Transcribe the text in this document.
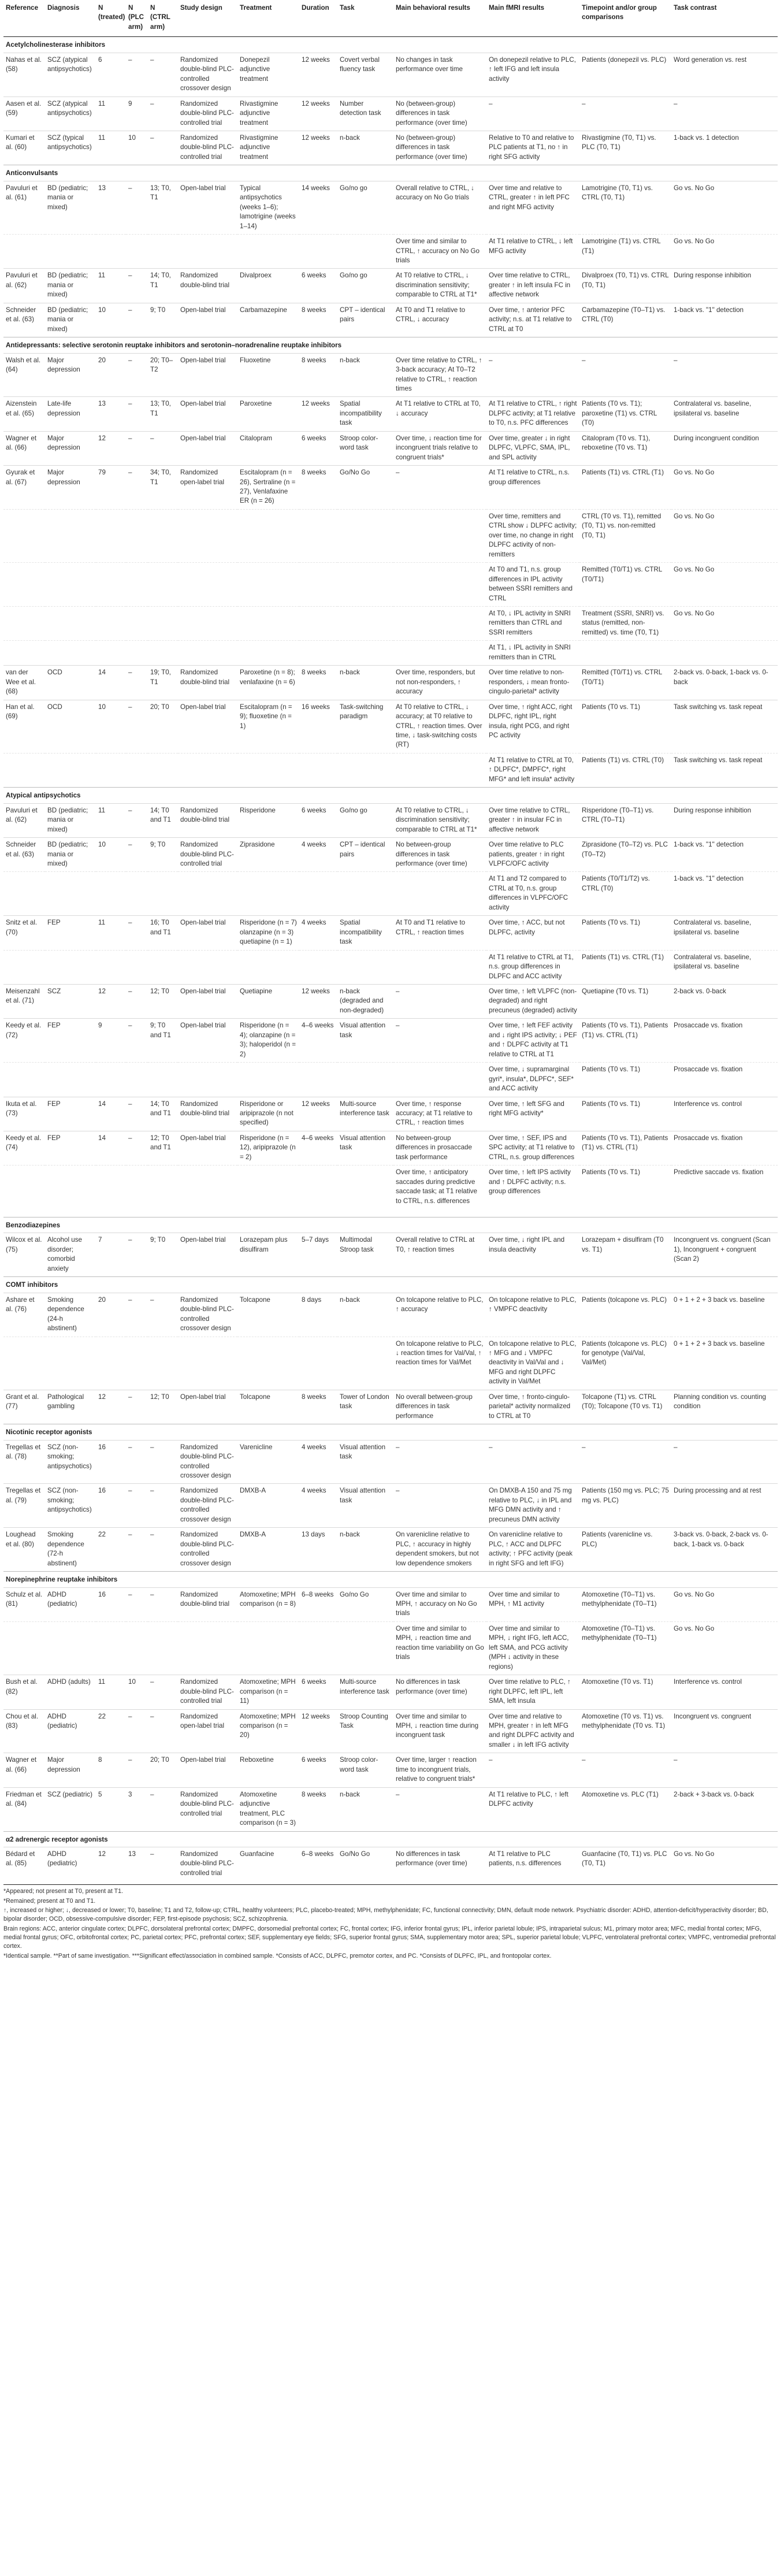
Reference	Diagnosis	N (treated)	N (PLC arm)	N (CTRL arm)	Study design	Treatment	Duration	Task	Main behavioral results	Main fMRI results	Timepoint and/or group comparisons	Task contrast
Acetylcholinesterase inhibitors												
Nahas et al. (58)	SCZ (atypical antipsychotics)	6	–	–	Randomized double-blind PLC-controlled crossover design	Donepezil adjunctive treatment	12 weeks	Covert verbal fluency task	No changes in task performance over time	On donepezil relative to PLC, ↑ left IFG and left insula activity	Patients (donepezil vs. PLC)	Word generation vs. rest
Aasen et al. (59)	SCZ (atypical antipsychotics)	11	9	–	Randomized double-blind PLC-controlled trial	Rivastigmine adjunctive treatment	12 weeks	Number detection task	No (between-group) differences in task performance (over time)	–	–	–
Kumari et al. (60)	SCZ (typical antipsychotics)	11	10	–	Randomized double-blind PLC-controlled trial	Rivastigmine adjunctive treatment	12 weeks	n-back	No (between-group) differences in task performance (over time)	Relative to T0 and relative to PLC patients at T1, no ↑ in right SFG activity	Rivastigmine (T0, T1) vs. PLC (T0, T1)	1-back vs. 1 detection
Anticonvulsants												
Pavuluri et al. (61)	BD (pediatric; mania or mixed)	13	–	13; T0, T1	Open-label trial	Typical antipsychotics (weeks 1–6); lamotrigine (weeks 1–14)	14 weeks	Go/no go	Overall relative to CTRL, ↓ accuracy on No Go trials	Over time and relative to CTRL, greater ↑ in left PFC and right MFG activity	Lamotrigine (T0, T1) vs. CTRL (T0, T1)	Go vs. No Go
									Over time and similar to CTRL, ↑ accuracy on No Go trials	At T1 relative to CTRL, ↓ left MFG activity	Lamotrigine (T1) vs. CTRL (T1)	Go vs. No Go
Pavuluri et al. (62)	BD (pediatric; mania or mixed)	11	–	14; T0, T1	Randomized double-blind trial	Divalproex	6 weeks	Go/no go	At T0 relative to CTRL, ↓ discrimination sensitivity; comparable to CTRL at T1*	Over time relative to CTRL, greater ↑ in left insula FC in affective network	Divalproex (T0, T1) vs. CTRL (T0, T1)	During response inhibition
Schneider et al. (63)	BD (pediatric; mania or mixed)	10	–	9; T0	Open-label trial	Carbamazepine	8 weeks	CPT – identical pairs	At T0 and T1 relative to CTRL, ↓ accuracy	Over time, ↑ anterior PFC activity; n.s. at T1 relative to CTRL at T0	Carbamazepine (T0–T1) vs. CTRL (T0)	1-back vs. "1" detection
Antidepressants: selective serotonin reuptake inhibitors and serotonin–noradrenaline reuptake inhibitors												
Walsh et al. (64)	Major depression	20	–	20; T0–T2	Open-label trial	Fluoxetine	8 weeks	n-back	Over time relative to CTRL, ↑ 3-back accuracy; At T0–T2 relative to CTRL, ↑ reaction times	–	–	–
Aizenstein et al. (65)	Late-life depression	13	–	13; T0, T1	Open-label trial	Paroxetine	12 weeks	Spatial incompatibility task	At T1 relative to CTRL at T0, ↓ accuracy	At T1 relative to CTRL, ↑ right DLPFC activity; at T1 relative to T0, n.s. PFC differences	Patients (T0 vs. T1); paroxetine (T1) vs. CTRL (T0)	Contralateral vs. baseline, ipsilateral vs. baseline
Wagner et al. (66)	Major depression	12	–	–	Open-label trial	Citalopram	6 weeks	Stroop color-word task	Over time, ↓ reaction time for incongruent trials relative to congruent trials*	Over time, greater ↓ in right DLPFC, VLPFC, SMA, IPL, and SPL activity	Citalopram (T0 vs. T1), reboxetine (T0 vs. T1)	During incongruent condition
Gyurak et al. (67)	Major depression	79	–	34; T0, T1	Randomized open-label trial	Escitalopram (n = 26), Sertraline (n = 27), Venlafaxine ER (n = 26)	8 weeks	Go/No Go	–	At T1 relative to CTRL, n.s. group differences	Patients (T1) vs. CTRL (T1)	Go vs. No Go
										Over time, remitters and CTRL show ↓ DLPFC activity; over time, no change in right DLPFC activity of non-remitters	CTRL (T0 vs. T1), remitted (T0, T1) vs. non-remitted (T0, T1)	Go vs. No Go
										At T0 and T1, n.s. group differences in IPL activity between SSRI remitters and CTRL	Remitted (T0/T1) vs. CTRL (T0/T1)	Go vs. No Go
										At T0, ↓ IPL activity in SNRI remitters than CTRL and SSRI remitters	Treatment (SSRI, SNRI) vs. status (remitted, non-remitted) vs. time (T0, T1)	Go vs. No Go
										At T1, ↓ IPL activity in SNRI remitters than in CTRL		
van der Wee et al. (68)	OCD	14	–	19; T0, T1	Randomized double-blind trial	Paroxetine (n = 8); venlafaxine (n = 6)	8 weeks	n-back	Over time, responders, but not non-responders, ↑ accuracy	Over time relative to non-responders, ↓ mean fronto-cingulo-parietal* activity	Remitted (T0/T1) vs. CTRL (T0/T1)	2-back vs. 0-back, 1-back vs. 0-back
Han et al. (69)	OCD	10	–	20; T0	Open-label trial	Escitalopram (n = 9); fluoxetine (n = 1)	16 weeks	Task-switching paradigm	At T0 relative to CTRL, ↓ accuracy; at T0 relative to CTRL, ↑ reaction times. Over time, ↓ task-switching costs (RT)	Over time, ↑ right ACC, right DLPFC, right IPL, right insula, right PCG, and right PC activity	Patients (T0 vs. T1)	Task switching vs. task repeat
										At T1 relative to CTRL at T0, ↑ DLPFC*, DMPFC*, right MFG* and left insula* activity	Patients (T1) vs. CTRL (T0)	Task switching vs. task repeat
Atypical antipsychotics												
Pavuluri et al. (62)	BD (pediatric; mania or mixed)	11	–	14; T0 and T1	Randomized double-blind trial	Risperidone	6 weeks	Go/no go	At T0 relative to CTRL, ↓ discrimination sensitivity; comparable to CTRL at T1*	Over time relative to CTRL, greater ↑ in insular FC in affective network	Risperidone (T0–T1) vs. CTRL (T0–T1)	During response inhibition
Schneider et al. (63)	BD (pediatric; mania or mixed)	10	–	9; T0	Randomized double-blind PLC-controlled trial	Ziprasidone	4 weeks	CPT – identical pairs	No between-group differences in task performance (over time)	Over time relative to PLC patients, greater ↑ in right VLPFC/OFC activity	Ziprasidone (T0–T2) vs. PLC (T0–T2)	1-back vs. "1" detection
										At T1 and T2 compared to CTRL at T0, n.s. group differences in VLPFC/OFC activity	Patients (T0/T1/T2) vs. CTRL (T0)	1-back vs. "1" detection
Snitz et al. (70)	FEP	11	–	16; T0 and T1	Open-label trial	Risperidone (n = 7) olanzapine (n = 3) quetiapine (n = 1)	4 weeks	Spatial incompatibility task	At T0 and T1 relative to CTRL, ↑ reaction times	Over time, ↑ ACC, but not DLPFC, activity	Patients (T0 vs. T1)	Contralateral vs. baseline, ipsilateral vs. baseline
										At T1 relative to CTRL at T1, n.s. group differences in DLPFC and ACC activity	Patients (T1) vs. CTRL (T1)	Contralateral vs. baseline, ipsilateral vs. baseline
Meisenzahl et al. (71)	SCZ	12	–	12; T0	Open-label trial	Quetiapine	12 weeks	n-back (degraded and non-degraded)	–	Over time, ↑ left VLPFC (non-degraded) and right precuneus (degraded) activity	Quetiapine (T0 vs. T1)	2-back vs. 0-back
Keedy et al. (72)	FEP	9	–	9; T0 and T1	Open-label trial	Risperidone (n = 4); olanzapine (n = 3); haloperidol (n = 2)	4–6 weeks	Visual attention task	–	Over time, ↑ left FEF activity and ↓ right IPS activity; ↓ PEF and ↑ DLPFC activity at T1 relative to CTRL at T1	Patients (T0 vs. T1), Patients (T1) vs. CTRL (T1)	Prosaccade vs. fixation
										Over time, ↓ supramarginal gyri*, insula*, DLPFC*, SEF* and ACC activity	Patients (T0 vs. T1)	Prosaccade vs. fixation
Ikuta et al. (73)	FEP	14	–	14; T0 and T1	Randomized double-blind trial	Risperidone or aripiprazole (n not specified)	12 weeks	Multi-source interference task	Over time, ↑ response accuracy; at T1 relative to CTRL, ↑ reaction times	Over time, ↑ left SFG and right MFG activity*	Patients (T0 vs. T1)	Interference vs. control
Keedy et al. (74)	FEP	14	–	12; T0 and T1	Open-label trial	Risperidone (n = 12), aripiprazole (n = 2)	4–6 weeks	Visual attention task	No between-group differences in prosaccade task performance	Over time, ↑ SEF, IPS and SPC activity; at T1 relative to CTRL, n.s. group differences	Patients (T0 vs. T1), Patients (T1) vs. CTRL (T1)	Prosaccade vs. fixation
									Over time, ↑ anticipatory saccades during predictive saccade task; at T1 relative to CTRL, n.s. differences	Over time, ↑ left IPS activity and ↑ DLPFC activity; n.s. group differences	Patients (T0 vs. T1)	Predictive saccade vs. fixation

Benzodiazepines												
Wilcox et al. (75)	Alcohol use disorder; comorbid anxiety	7	–	9; T0	Open-label trial	Lorazepam plus disulfiram	5–7 days	Multimodal Stroop task	Overall relative to CTRL at T0, ↑ reaction times	Over time, ↓ right IPL and insula deactivity	Lorazepam + disulfiram (T0 vs. T1)	Incongruent vs. congruent (Scan 1), Incongruent + congruent (Scan 2)
COMT inhibitors												
Ashare et al. (76)	Smoking dependence (24-h abstinent)	20	–	–	Randomized double-blind PLC-controlled crossover design	Tolcapone	8 days	n-back	On tolcapone relative to PLC, ↑ accuracy	On tolcapone relative to PLC, ↑ VMPFC deactivity	Patients (tolcapone vs. PLC)	0 + 1 + 2 + 3 back vs. baseline
									On tolcapone relative to PLC, ↓ reaction times for Val/Val, ↑ reaction times for Val/Met	On tolcapone relative to PLC, ↑ MFG and ↓ VMPFC deactivity in Val/Val and ↓ MFG and right DLPFC activity in Val/Met	Patients (tolcapone vs. PLC) for genotype (Val/Val, Val/Met)	0 + 1 + 2 + 3 back vs. baseline
Grant et al. (77)	Pathological gambling	12	–	12; T0	Open-label trial	Tolcapone	8 weeks	Tower of London task	No overall between-group differences in task performance	Over time, ↑ fronto-cingulo-parietal* activity normalized to CTRL at T0	Tolcapone (T1) vs. CTRL (T0); Tolcapone (T0 vs. T1)	Planning condition vs. counting condition
Nicotinic receptor agonists												
Tregellas et al. (78)	SCZ (non-smoking; antipsychotics)	16	–	–	Randomized double-blind PLC-controlled crossover design	Varenicline	4 weeks	Visual attention task	–	–	–	–
Tregellas et al. (79)	SCZ (non-smoking; antipsychotics)	16	–	–	Randomized double-blind PLC-controlled crossover design	DMXB-A	4 weeks	Visual attention task	–	On DMXB-A 150 and 75 mg relative to PLC, ↓ in IPL and MFG DMN activity and ↑ precuneus DMN activity	Patients (150 mg vs. PLC; 75 mg vs. PLC)	During processing and at rest
Loughead et al. (80)	Smoking dependence (72-h abstinent)	22	–	–	Randomized double-blind PLC-controlled crossover design	DMXB-A	13 days	n-back	On varenicline relative to PLC, ↑ accuracy in highly dependent smokers, but not low dependence smokers	On varenicline relative to PLC, ↑ ACC and DLPFC activity; ↑ PFC activity (peak in right SFG and left IFG)	Patients (varenicline vs. PLC)	3-back vs. 0-back, 2-back vs. 0-back, 1-back vs. 0-back
Norepinephrine reuptake inhibitors												
Schulz et al. (81)	ADHD (pediatric)	16	–	–	Randomized double-blind trial	Atomoxetine; MPH comparison (n = 8)	6–8 weeks	Go/no Go	Over time and similar to MPH, ↑ accuracy on No Go trials	Over time and similar to MPH, ↑ M1 activity	Atomoxetine (T0–T1) vs. methylphenidate (T0–T1)	Go vs. No Go
									Over time and similar to MPH, ↓ reaction time and reaction time variability on Go trials	Over time and similar to MPH, ↓ right IFG, left ACC, left SMA, and PCG activity (MPH ↓ activity in these regions)	Atomoxetine (T0–T1) vs. methylphenidate (T0–T1)	Go vs. No Go
Bush et al. (82)	ADHD (adults)	11	10	–	Randomized double-blind PLC-controlled trial	Atomoxetine; MPH comparison (n = 11)	6 weeks	Multi-source interference task	No differences in task performance (over time)	Over time relative to PLC, ↑ right DLPFC, left IPL, left SMA, left insula	Atomoxetine (T0 vs. T1)	Interference vs. control
Chou et al. (83)	ADHD (pediatric)	22	–	–	Randomized open-label trial	Atomoxetine; MPH comparison (n = 20)	12 weeks	Stroop Counting Task	Over time and similar to MPH, ↓ reaction time during incongruent task	Over time and relative to MPH, greater ↑ in left MFG and right DLPFC activity and smaller ↓ in left IFG activity	Atomoxetine (T0 vs. T1) vs. methylphenidate (T0 vs. T1)	Incongruent vs. congruent
Wagner et al. (66)	Major depression	8	–	20; T0	Open-label trial	Reboxetine	6 weeks	Stroop color-word task	Over time, larger ↑ reaction time to incongruent trials, relative to congruent trials*	–	–	–
Friedman et al. (84)	SCZ (pediatric)	5	3	–	Randomized double-blind PLC-controlled trial	Atomoxetine adjunctive treatment, PLC comparison (n = 3)	8 weeks	n-back	–	At T1 relative to PLC, ↑ left DLPFC activity	Atomoxetine vs. PLC (T1)	2-back + 3-back vs. 0-back
α2 adrenergic receptor agonists												
Bédard et al. (85)	ADHD (pediatric)	12	13	–	Randomized double-blind PLC-controlled trial	Guanfacine	6–8 weeks	Go/No Go	No differences in task performance (over time)	At T1 relative to PLC patients, n.s. differences	Guanfacine (T0, T1) vs. PLC (T0, T1)	Go vs. No Go

*Appeared; not present at T0, present at T1.

*Remained; present at T0 and T1.

↑, increased or higher; ↓, decreased or lower; T0, baseline; T1 and T2, follow-up; CTRL, healthy volunteers; PLC, placebo-treated; MPH, methylphenidate; FC, functional connectivity; DMN, default mode network. Psychiatric disorder: ADHD, attention-deficit/hyperactivity disorder; BD, bipolar disorder; OCD, obsessive-compulsive disorder; FEP, first-episode psychosis; SCZ, schizophrenia.

Brain regions: ACC, anterior cingulate cortex; DLPFC, dorsolateral prefrontal cortex; DMPFC, dorsomedial prefrontal cortex; FC, frontal cortex; IFG, inferior frontal gyrus; IPL, inferior parietal lobule; IPS, intraparietal sulcus; M1, primary motor area; MFC, medial frontal cortex; MFG, medial frontal gyrus; OFC, orbitofrontal cortex; PC, parietal cortex; PFC, prefrontal cortex; SEF, supplementary eye fields; SFG, superior frontal gyrus; SMA, supplementary motor area; SPL, superior parietal lobule; VLPFC, ventrolateral prefrontal cortex; VMPFC, ventromedial prefrontal cortex.

*Identical sample. **Part of same investigation. ***Significant effect/association in combined sample. *Consists of ACC, DLPFC, premotor cortex, and PC. *Consists of DLPFC, IPL, and frontopolar cortex.
